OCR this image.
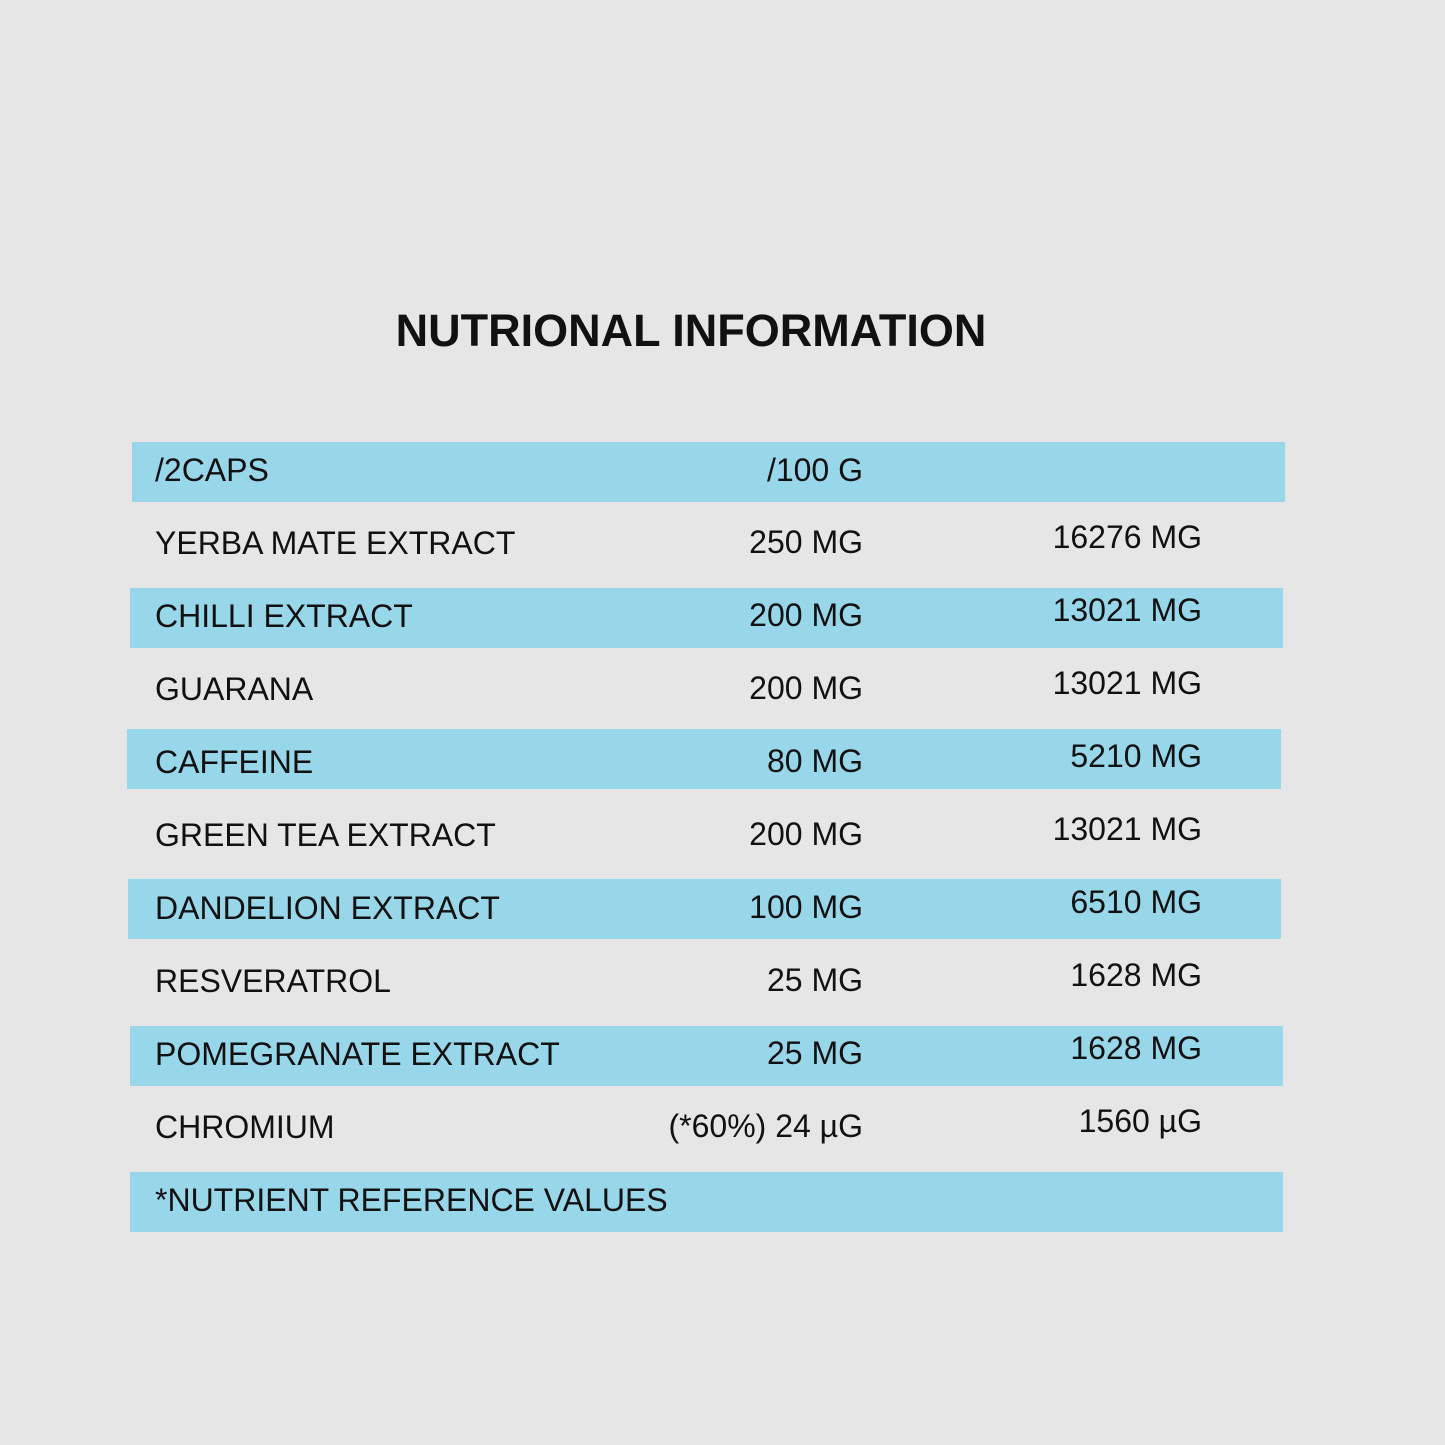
NUTRIONAL INFORMATION
/2CAPS	/100 G
YERBA MATE EXTRACT	250 MG	16276 MG
CHILLI EXTRACT	200 MG	13021 MG
GUARANA	200 MG	13021 MG
CAFFEINE	80 MG	5210 MG
GREEN TEA EXTRACT	200 MG	13021 MG
DANDELION EXTRACT	100 MG	6510 MG
RESVERATROL	25 MG	1628 MG
POMEGRANATE EXTRACT	25 MG	1628 MG
CHROMIUM	(*60%) 24 µG	1560 µG
*NUTRIENT REFERENCE VALUES
